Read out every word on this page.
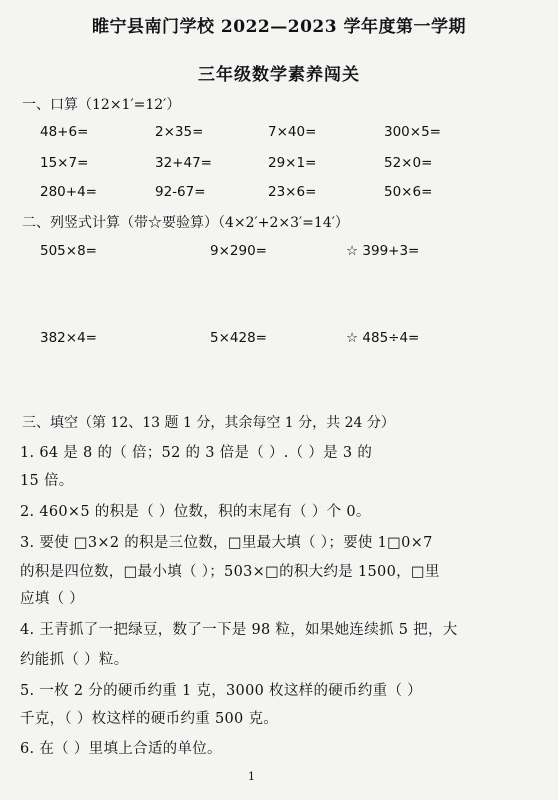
睢宁县南门学校 2022—2023 学年度第一学期
三年级数学素养闯关
一、口算（12×1′=12′）
48+6=	2×35=	7×40=	300×5=
15×7=	32+47=	29×1=	52×0=
280+4=	92-67=	23×6=	50×6=
二、列竖式计算（带☆要验算）（4×2′+2×3′=14′）
505×8=	9×290=	☆ 399+3=
382×4=	5×428=	☆ 485÷4=
三、填空（第 12、13 题 1 分，其余每空 1 分，共 24 分）
1. 64 是 8 的（ 倍；52 的 3 倍是（ ）.（ ）是 3 的
15 倍。
2. 460×5 的积是（ ）位数，积的末尾有（ ）个 0。
3. 要使 □3×2 的积是三位数，□里最大填（ ）；要使 1□0×7
的积是四位数，□最小填（ ）；503×□的积大约是 1500，□里
应填（ ）
4. 王青抓了一把绿豆，数了一下是 98 粒，如果她连续抓 5 把，大
约能抓（ ）粒。
5. 一枚 2 分的硬币约重 1 克，3000 枚这样的硬币约重（ ）
千克，（ ）枚这样的硬币约重 500 克。
6. 在（ ）里填上合适的单位。
1
